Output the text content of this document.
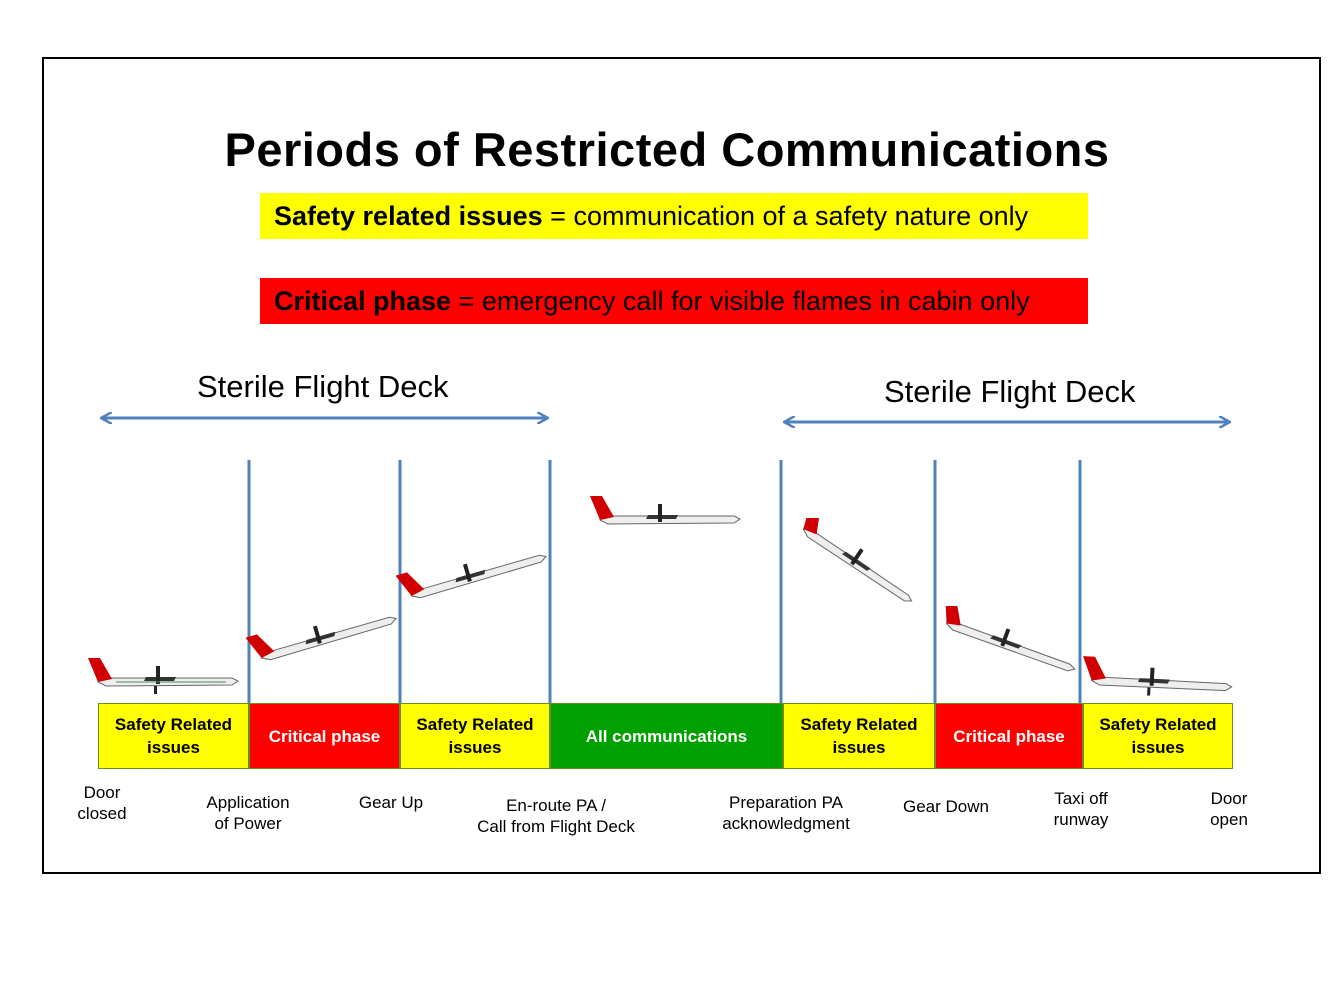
Periods of Restricted Communications
Safety related issues = communication of a safety nature only
Critical phase = emergency call for visible flames in cabin only
Sterile Flight Deck	Sterile Flight Deck
Safety Related
issues
Critical phase
Safety Related
issues
All communications
Safety Related
issues
Critical phase
Safety Related
issues
Door
closed
Application
of Power
Gear Up	En-route PA /
Call from Flight Deck
Preparation PA
acknowledgment
Gear Down	Taxi off
runway
Door
open
